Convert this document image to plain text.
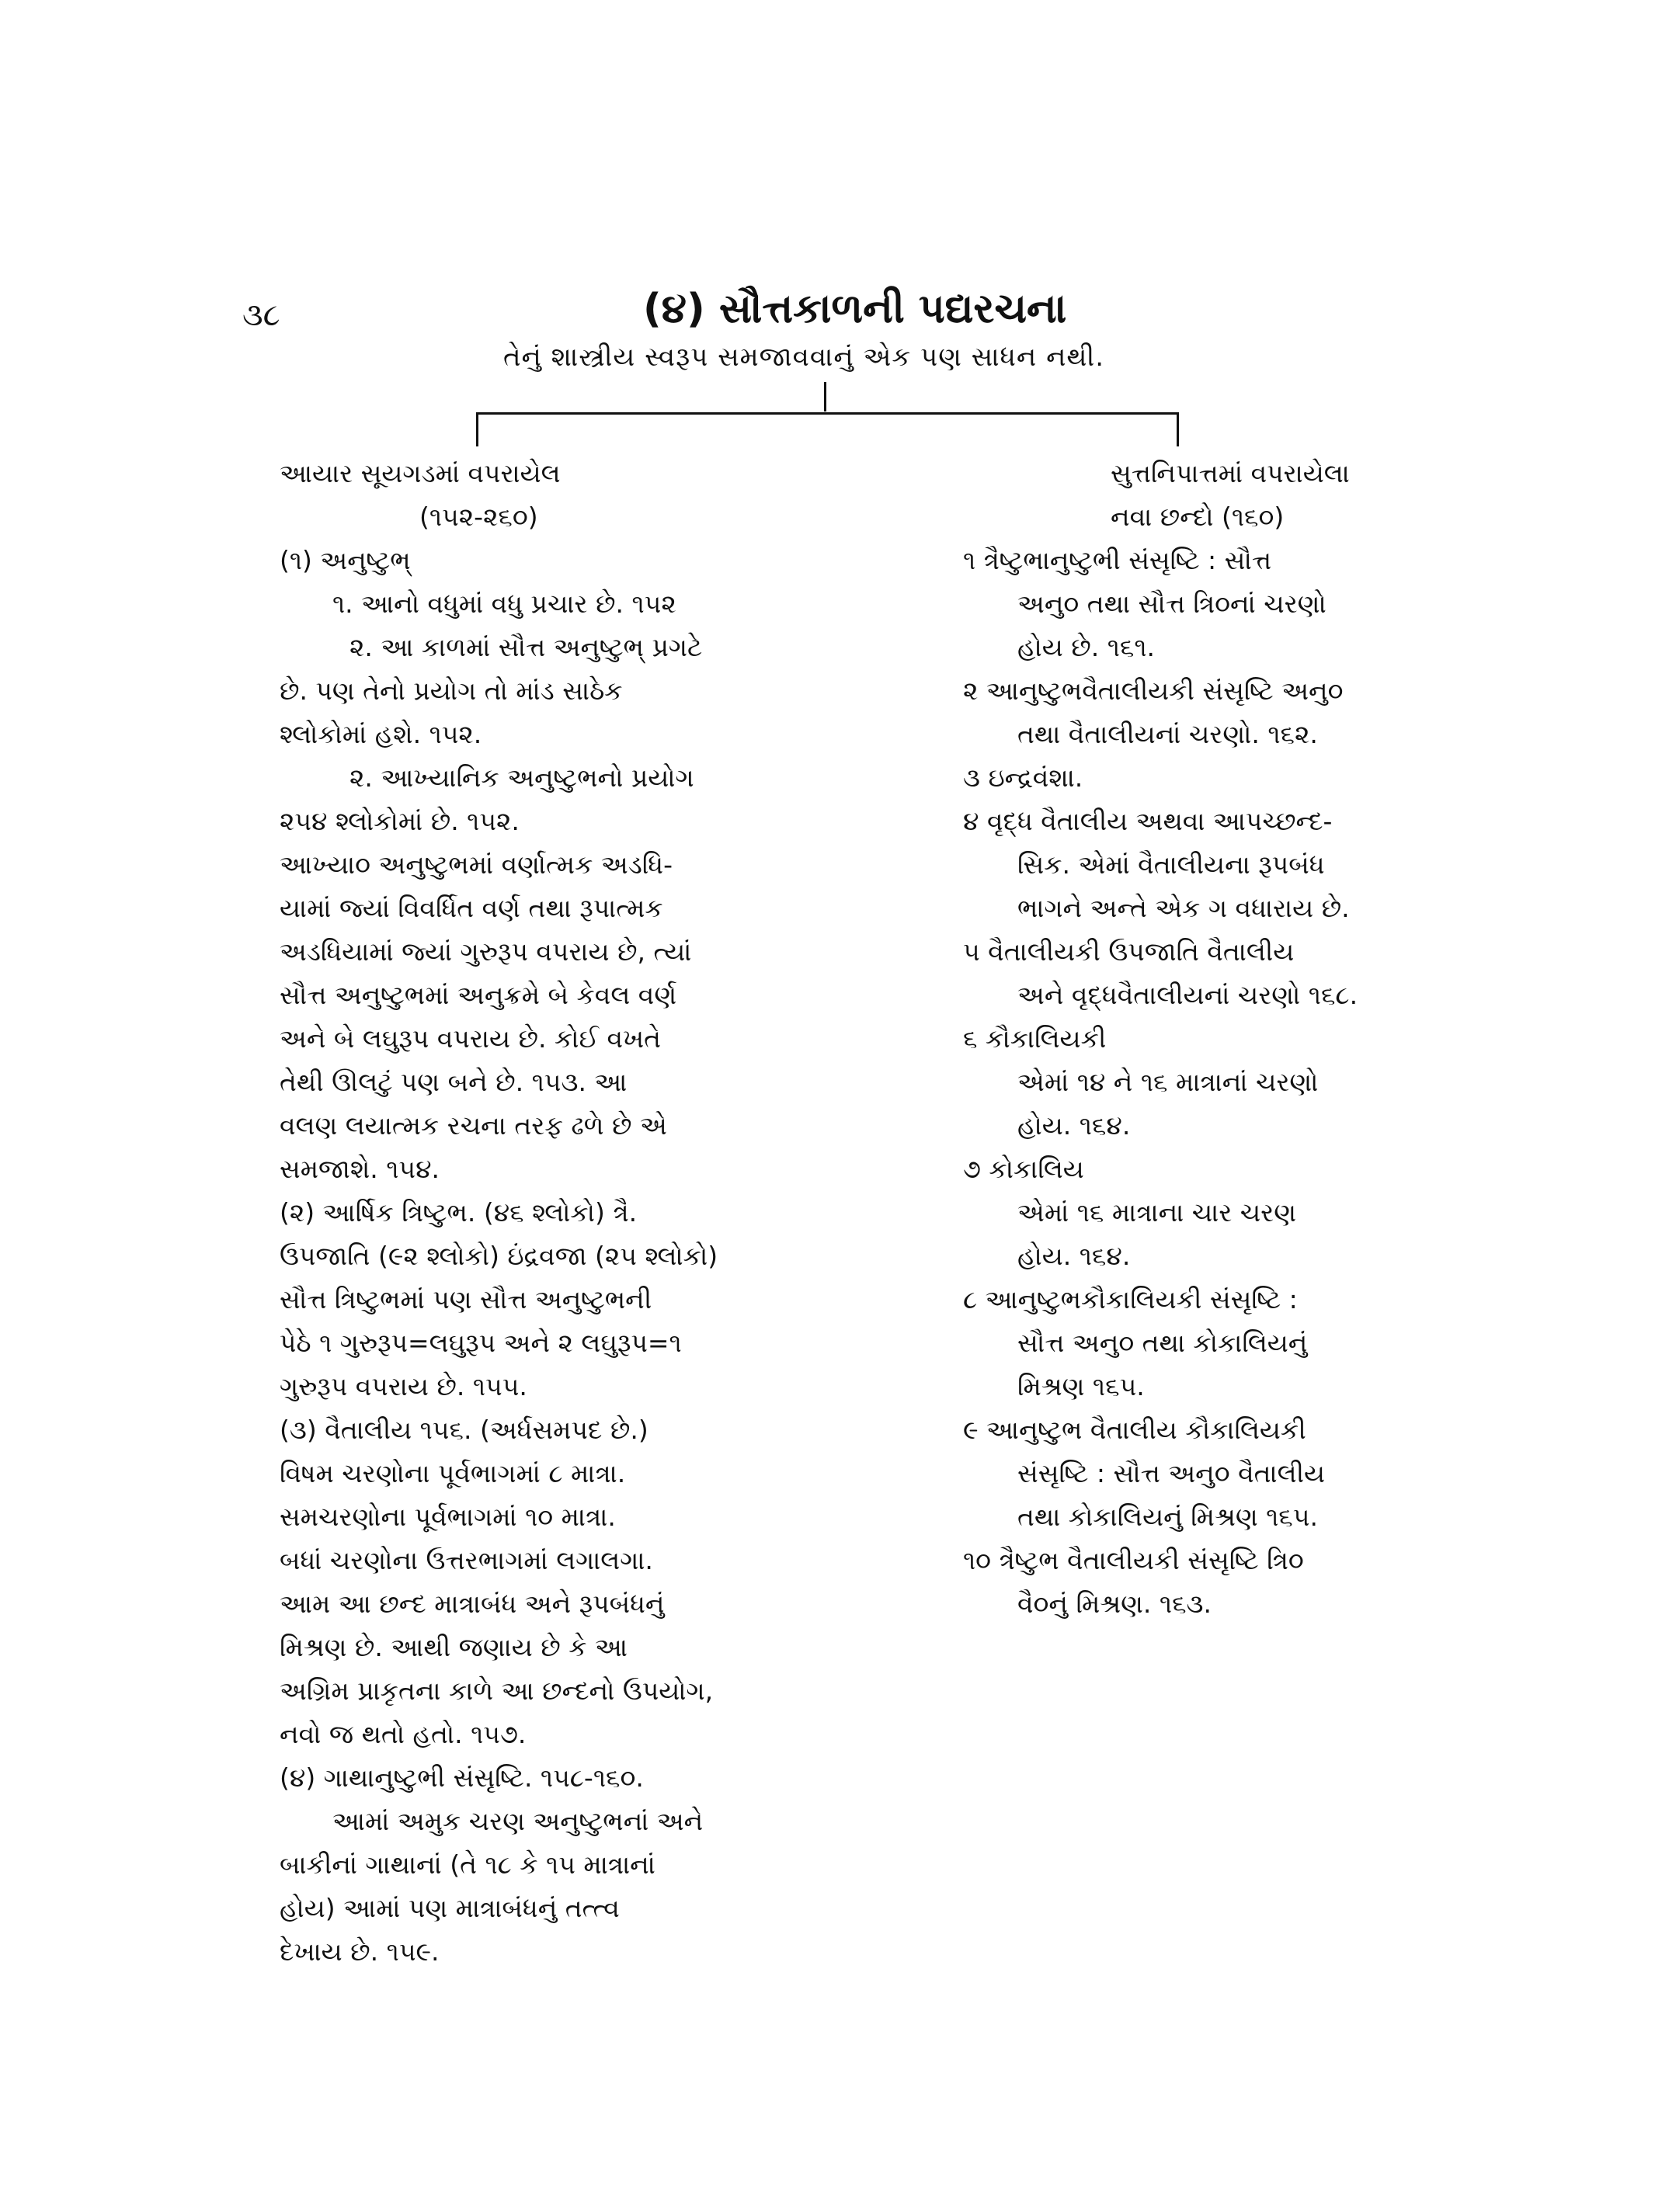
૩૮	(૪) સૌત્તકાળની પદ્યરચના
તેનું શાસ્ત્રીય સ્વરૂપ સમજાવવાનું એક પણ સાધન નથી.
આયાર સૂયગડમાં વપરાયેલ
(૧૫૨-૨૬૦)
(૧) અનુષ્ટુભ્
૧. આનો વધુમાં વધુ પ્રચાર છે. ૧૫૨
૨. આ કાળમાં સૌત્ત અનુષ્ટુભ્ પ્રગટે
છે. પણ તેનો પ્રયોગ તો માંડ સાઠેક
શ્લોકોમાં હશે. ૧૫૨.
૨. આખ્યાનિક અનુષ્ટુભનો પ્રયોગ
૨૫૪ શ્લોકોમાં છે. ૧૫૨.
આખ્યા૦ અનુષ્ટુભમાં વર્ણાત્મક અડધિ-
યામાં જ્યાં વિવર્ધિત વર્ણ તથા રૂપાત્મક
અડધિયામાં જ્યાં ગુરુરૂપ વપરાય છે, ત્યાં
સૌત્ત અનુષ્ટુભમાં અનુક્રમે બે કેવલ વર્ણ
અને બે લઘુરૂપ વપરાય છે. કોઈ વખતે
તેથી ઊલટું પણ બને છે. ૧૫૩. આ
વલણ લયાત્મક રચના તરફ ઢળે છે એ
સમજાશે. ૧૫૪.
(૨) આર્ષિક ત્રિષ્ટુભ. (૪૬ શ્લોકો) ત્રૈ.
ઉપજાતિ (૯૨ શ્લોકો) ઇંદ્રવજા (૨૫ શ્લોકો)
સૌત્ત ત્રિષ્ટુભમાં પણ સૌત્ત અનુષ્ટુભની
પેઠે ૧ ગુરુરૂપ=લઘુરૂપ અને ૨ લઘુરૂપ=૧
ગુરુરૂપ વપરાય છે. ૧૫૫.
(૩) વૈતાલીય ૧૫૬. (અર્ધસમપદ છે.)
વિષમ ચરણોના પૂર્વભાગમાં ૮ માત્રા.
સમચરણોના પૂર્વભાગમાં ૧૦ માત્રા.
બધાં ચરણોના ઉત્તરભાગમાં લગાલગા.
આમ આ છન્દ માત્રાબંધ અને રૂપબંધનું
મિશ્રણ છે. આથી જણાય છે કે આ
અગ્રિમ પ્રાકૃતના કાળે આ છન્દનો ઉપયોગ,
નવો જ થતો હતો. ૧૫૭.
(૪) ગાથાનુષ્ટુભી સંસૃષ્ટિ. ૧૫૮-૧૬૦.
આમાં અમુક ચરણ અનુષ્ટુભનાં અને
બાકીનાં ગાથાનાં (તે ૧૮ કે ૧૫ માત્રાનાં
હોય) આમાં પણ માત્રાબંધનું તત્ત્વ
દેખાય છે. ૧૫૯.
સુત્તનિપાત્તમાં વપરાયેલા
નવા છન્દો (૧૬૦)
૧ ત્રૈષ્ટુભાનુષ્ટુભી સંસૃષ્ટિ : સૌત્ત
અનુ૦ તથા સૌત્ત ત્રિ૦નાં ચરણો
હોય છે. ૧૬૧.
૨ આનુષ્ટુભવૈતાલીયકી સંસૃષ્ટિ અનુ૦
તથા વૈતાલીયનાં ચરણો. ૧૬૨.
૩ ઇન્દ્રવંશા.
૪ વૃદ્ધ વૈતાલીય અથવા આપચ્છન્દ-
સિક. એમાં વૈતાલીયના રૂપબંધ
ભાગને અન્તે એક ગ વધારાય છે.
૫ વૈતાલીયકી ઉપજાતિ વૈતાલીય
અને વૃદ્ધવૈતાલીયનાં ચરણો ૧૬૮.
૬ કૌકાલિયકી
એમાં ૧૪ ને ૧૬ માત્રાનાં ચરણો
હોય. ૧૬૪.
૭ કોકાલિય
એમાં ૧૬ માત્રાના ચાર ચરણ
હોય. ૧૬૪.
૮ આનુષ્ટુભકૌકાલિયકી સંસૃષ્ટિ :
સૌત્ત અનુ૦ તથા કોકાલિયનું
મિશ્રણ ૧૬૫.
૯ આનુષ્ટુભ વૈતાલીય કૌકાલિયકી
સંસૃષ્ટિ : સૌત્ત અનુ૦ વૈતાલીય
તથા કોકાલિયનું મિશ્રણ ૧૬૫.
૧૦ ત્રૈષ્ટુભ વૈતાલીયકી સંસૃષ્ટિ ત્રિ૦
વૈ૦નું મિશ્રણ. ૧૬૩.
